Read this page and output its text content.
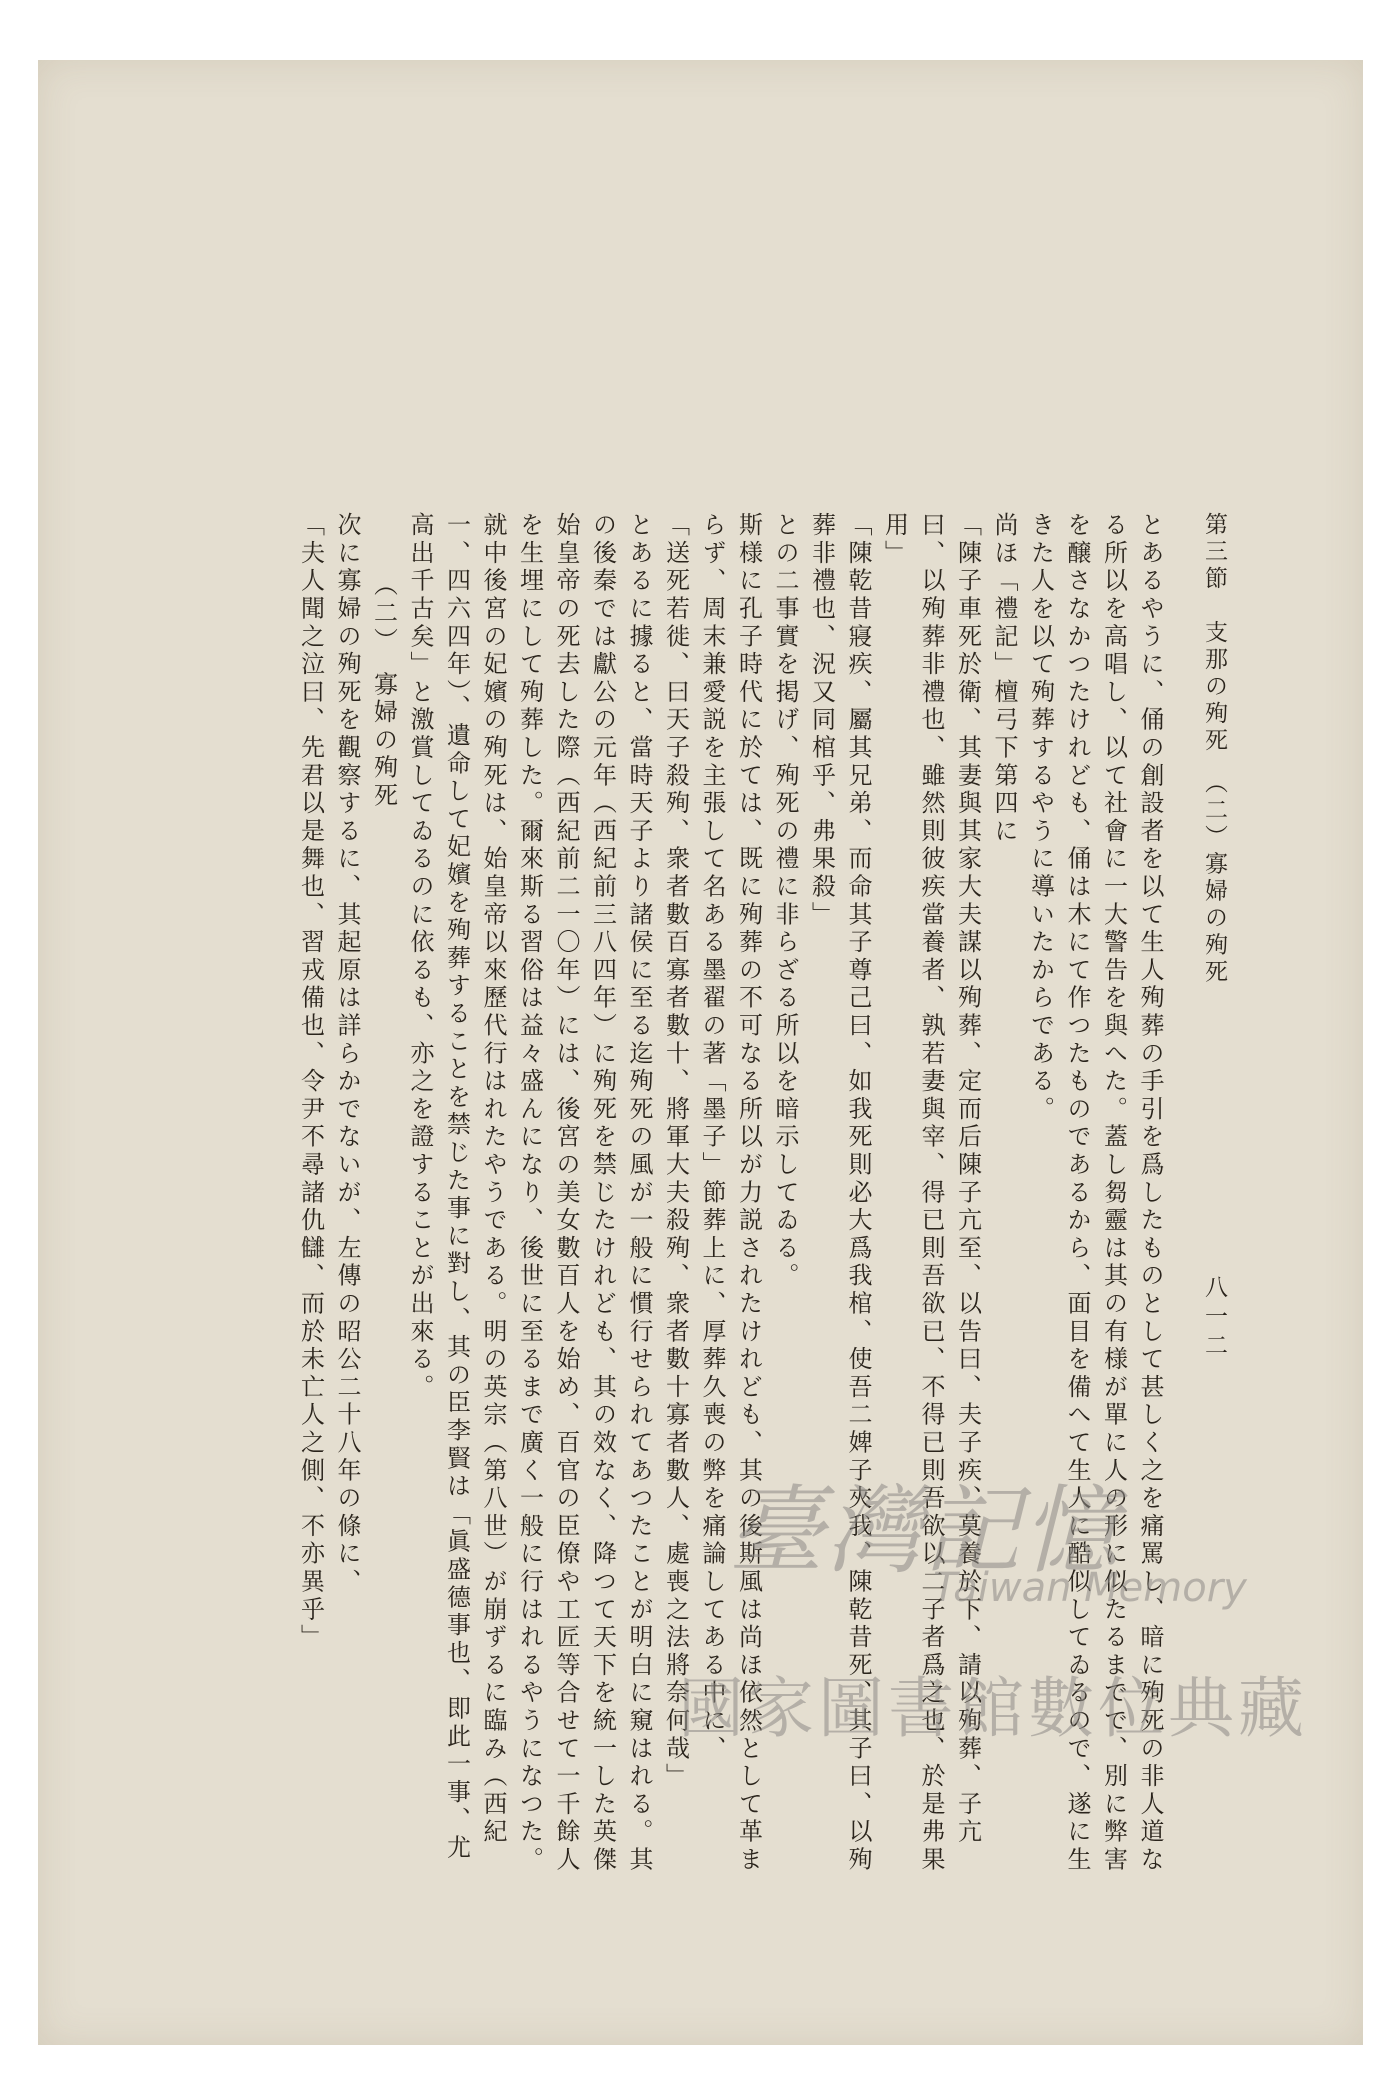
第三節　支那の殉死　（二）寡婦の殉死
八一二

とあるやうに、俑の創設者を以て生人殉葬の手引を爲したものとして甚しく之を痛罵し、暗に殉死の非人道なる所以を高唱し、以て社會に一大警告を與へた。蓋し芻靈は其の有様が單に人の形に似たるまでで、別に弊害を醸さなかつたけれども、俑は木にて作つたものであるから、面目を備へて生人に酷似してゐるので、遂に生きた人を以て殉葬するやうに導いたからである。

尚ほ「禮記」檀弓下第四に

「陳子車死於衛、其妻與其家大夫謀以殉葬、定而后陳子亢至、以告曰、夫子疾、莫養於下、請以殉葬、子亢曰、以殉葬非禮也、雖然則彼疾當養者、孰若妻與宰、得已則吾欲已、不得已則吾欲以二子者爲之也、於是弗果用」

「陳乾昔寢疾、屬其兄弟、而命其子尊己曰、如我死則必大爲我棺、使吾二婢子夾我、陳乾昔死、其子曰、以殉葬非禮也、況又同棺乎、弗果殺」

との二事實を掲げ、殉死の禮に非らざる所以を暗示してゐる。

斯様に孔子時代に於ては、既に殉葬の不可なる所以が力説されたけれども、其の後斯風は尚ほ依然として革まらず、周末兼愛説を主張して名ある墨翟の著「墨子」節葬上に、厚葬久喪の弊を痛論してある中に、

「送死若徙、曰天子殺殉、衆者數百寡者數十、將軍大夫殺殉、衆者數十寡者數人、處喪之法將奈何哉」

とあるに據ると、當時天子より諸侯に至る迄殉死の風が一般に慣行せられてあつたことが明白に窺はれる。其の後秦では獻公の元年（西紀前三八四年）に殉死を禁じたけれども、其の效なく、降つて天下を統一した英傑始皇帝の死去した際（西紀前二一〇年）には、後宮の美女數百人を始め、百官の臣僚や工匠等合せて一千餘人を生埋にして殉葬した。爾來斯る習俗は益々盛んになり、後世に至るまで廣く一般に行はれるやうになつた。就中後宮の妃嬪の殉死は、始皇帝以來歷代行はれたやうである。明の英宗（第八世）が崩ずるに臨み（西紀一、四六四年）、遺命して妃嬪を殉葬することを禁じた事に對し、其の臣李賢は「眞盛德事也、即此一事、尤高出千古矣」と激賞してゐるのに依るも、亦之を證することが出來る。

（二）　寡婦の殉死

次に寡婦の殉死を觀察するに、其起原は詳らかでないが、左傳の昭公二十八年の條に、

「夫人聞之泣曰、先君以是舞也、習戎備也、令尹不尋諸仇讎、而於未亡人之側、不亦異乎」	臺灣記憶
Taiwan Memory
國家圖書館數位典藏
